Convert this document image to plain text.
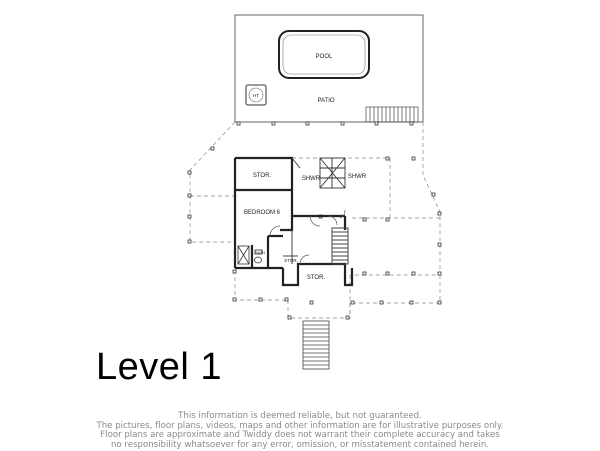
POOL
HT
PATIO
STOR.	SHWR	SHWR
BEDROOM 6
BATH
STOR.
STOR.
Level 1
This information is deemed reliable, but not guaranteed.
The pictures, floor plans, videos, maps and other information are for illustrative purposes only.
Floor plans are approximate and Twiddy does not warrant their complete accuracy and takes
no responsibility whatsoever for any error, omission, or misstatement contained herein.
